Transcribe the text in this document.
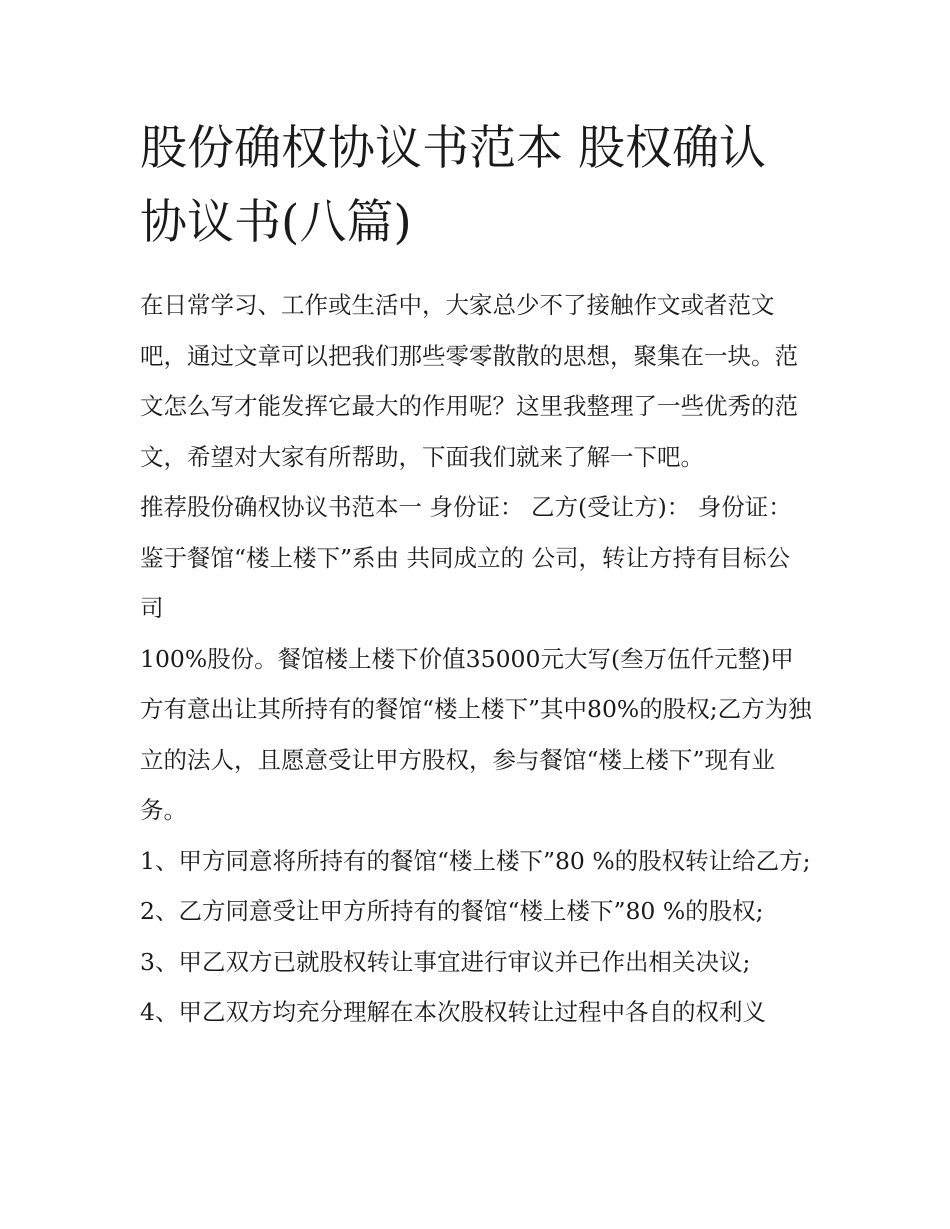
股份确权协议书范本 股权确认协议书(八篇)

在日常学习、工作或生活中，大家总少不了接触作文或者范文吧，通过文章可以把我们那些零零散散的思想，聚集在一块。范文怎么写才能发挥它最大的作用呢？这里我整理了一些优秀的范文，希望对大家有所帮助，下面我们就来了解一下吧。

推荐股份确权协议书范本一 身份证： 乙方(受让方)： 身份证： 鉴于餐馆“楼上楼下”系由 共同成立的 公司，转让方持有目标公司

100%股份。餐馆楼上楼下价值35000元大写(叁万伍仟元整)甲方有意出让其所持有的餐馆“楼上楼下”其中80%的股权;乙方为独立的法人，且愿意受让甲方股权，参与餐馆“楼上楼下”现有业务。

1、甲方同意将所持有的餐馆“楼上楼下”80 %的股权转让给乙方; 2、乙方同意受让甲方所持有的餐馆“楼上楼下”80 %的股权;

3、甲乙双方已就股权转让事宜进行审议并已作出相关决议;

4、甲乙双方均充分理解在本次股权转让过程中各自的权利义
